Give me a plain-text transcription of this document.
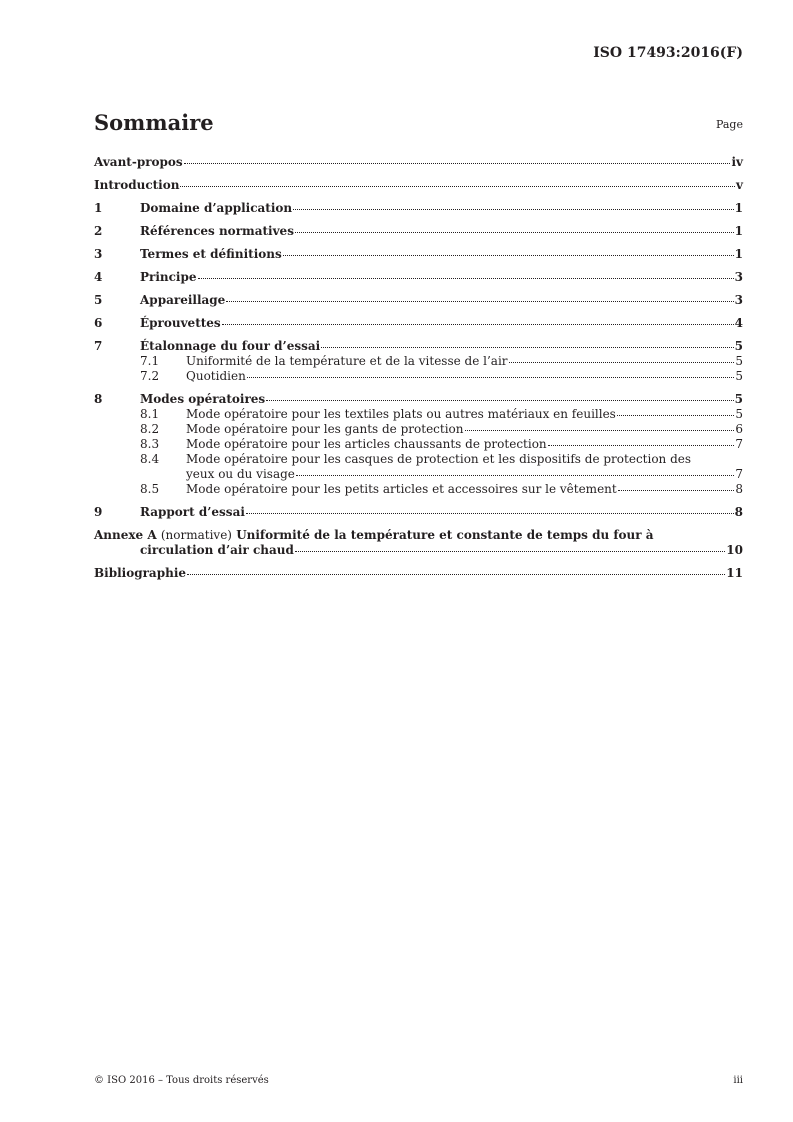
ISO 17493:2016(F)
Sommaire	Page
Avant-propos	iv
Introduction	v
1	Domaine d’application	1
2	Références normatives	1
3	Termes et définitions	1
4	Principe	3
5	Appareillage	3
6	Éprouvettes	4
7	Étalonnage du four d’essai	5
7.1	Uniformité de la température et de la vitesse de l’air	5
7.2	Quotidien	5
8	Modes opératoires	5
8.1	Mode opératoire pour les textiles plats ou autres matériaux en feuilles	5
8.2	Mode opératoire pour les gants de protection	6
8.3	Mode opératoire pour les articles chaussants de protection	7
8.4	Mode opératoire pour les casques de protection et les dispositifs de protection des
yeux ou du visage	7
8.5	Mode opératoire pour les petits articles et accessoires sur le vêtement	8
9	Rapport d’essai	8
Annexe A (normative) Uniformité de la température et constante de temps du four à
circulation d’air chaud	10
Bibliographie	11
© ISO 2016 – Tous droits réservés	iii
